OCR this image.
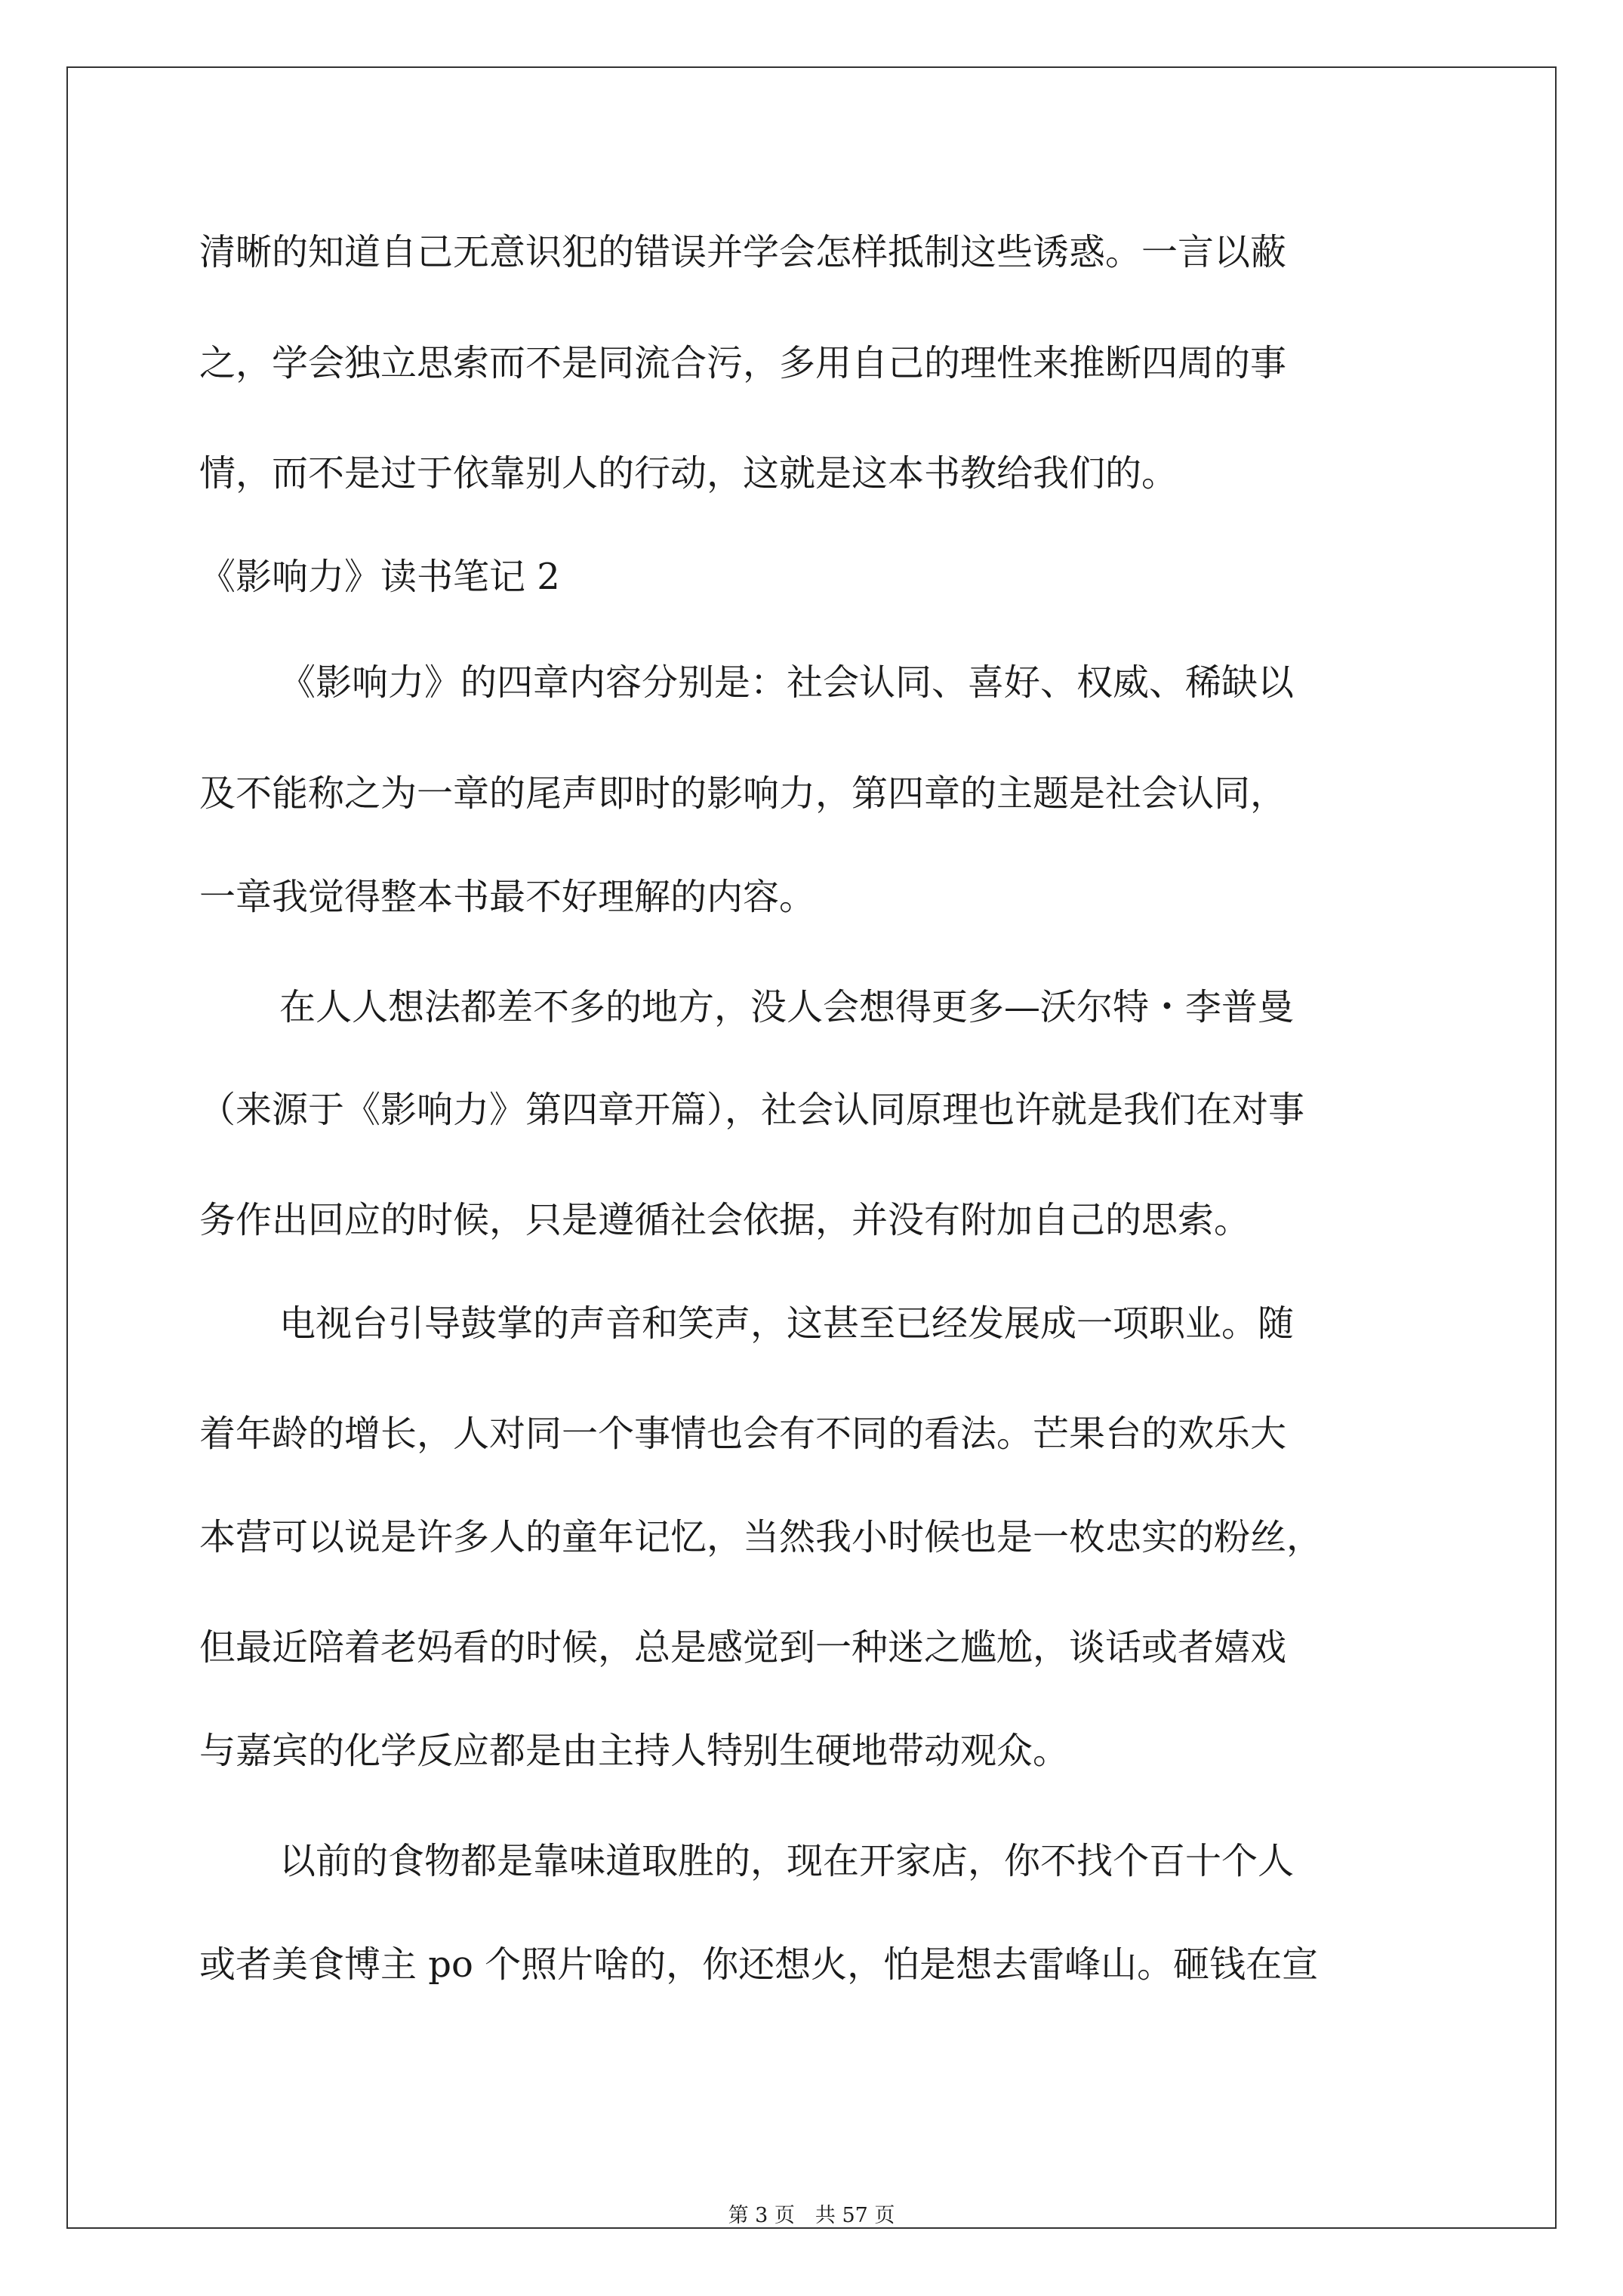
清晰的知道自己无意识犯的错误并学会怎样抵制这些诱惑。一言以蔽
之，学会独立思索而不是同流合污，多用自己的理性来推断四周的事
情，而不是过于依靠别人的行动，这就是这本书教给我们的。
《影响力》读书笔记 2
《影响力》的四章内容分别是：社会认同、喜好、权威、稀缺以
及不能称之为一章的尾声即时的影响力，第四章的主题是社会认同，
一章我觉得整本书最不好理解的内容。
在人人想法都差不多的地方，没人会想得更多—沃尔特・李普曼
（来源于《影响力》第四章开篇），社会认同原理也许就是我们在对事
务作出回应的时候，只是遵循社会依据，并没有附加自己的思索。
电视台引导鼓掌的声音和笑声，这甚至已经发展成一项职业。随
着年龄的增长，人对同一个事情也会有不同的看法。芒果台的欢乐大
本营可以说是许多人的童年记忆，当然我小时候也是一枚忠实的粉丝，
但最近陪着老妈看的时候，总是感觉到一种迷之尴尬，谈话或者嬉戏
与嘉宾的化学反应都是由主持人特别生硬地带动观众。
以前的食物都是靠味道取胜的，现在开家店，你不找个百十个人
或者美食博主 po 个照片啥的，你还想火，怕是想去雷峰山。砸钱在宣
第 3 页　共 57 页
